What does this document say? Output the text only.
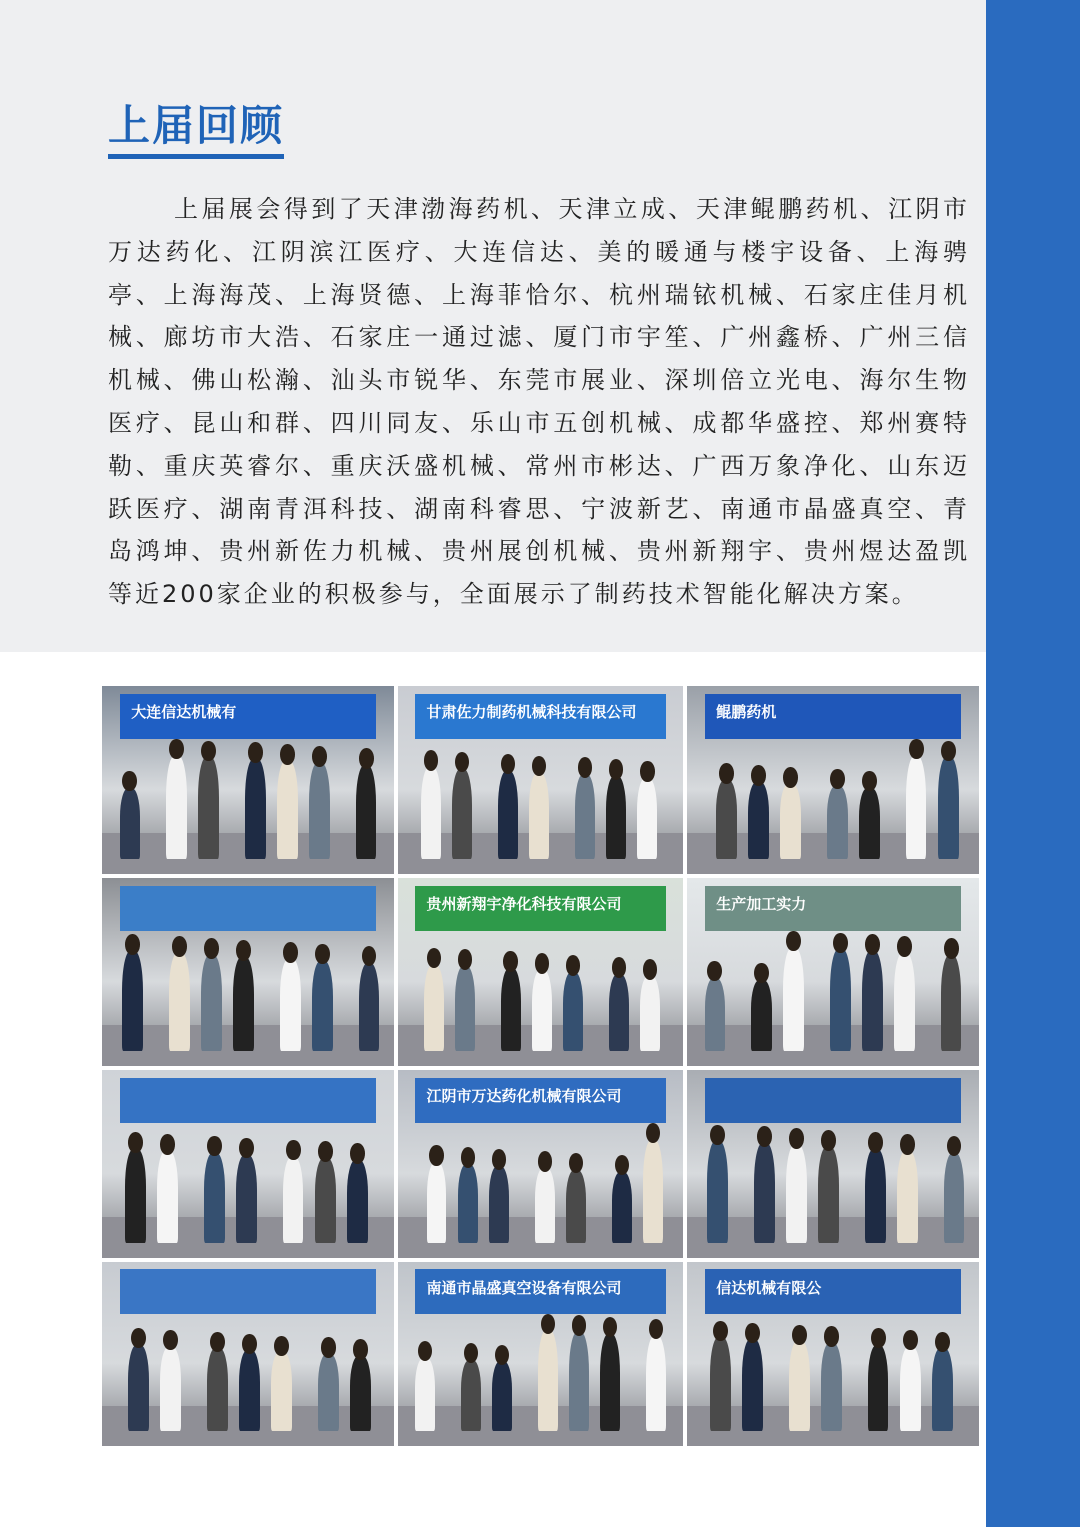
上届回顾
上届展会得到了天津渤海药机、天津立成、天津鲲鹏药机、江阴市万达药化、江阴滨江医疗、大连信达、美的暖通与楼宇设备、上海骋亭、上海海茂、上海贤德、上海菲恰尔、杭州瑞铱机械、石家庄佳月机械、廊坊市大浩、石家庄一通过滤、厦门市宇笙、广州鑫桥、广州三信机械、佛山松瀚、汕头市锐华、东莞市展业、深圳倍立光电、海尔生物医疗、昆山和群、四川同友、乐山市五创机械、成都华盛控、郑州赛特勒、重庆英睿尔、重庆沃盛机械、常州市彬达、广西万象净化、山东迈跃医疗、湖南青洱科技、湖南科睿思、宁波新艺、南通市晶盛真空、青岛鸿坤、贵州新佐力机械、贵州展创机械、贵州新翔宇、贵州煜达盈凯等近200家企业的积极参与，全面展示了制药技术智能化解决方案。
大连信达机械有	甘肃佐力制药机械科技有限公司	鲲鹏药机
贵州新翔宇净化科技有限公司	生产加工实力
江阴市万达药化机械有限公司
南通市晶盛真空设备有限公司	信达机械有限公
